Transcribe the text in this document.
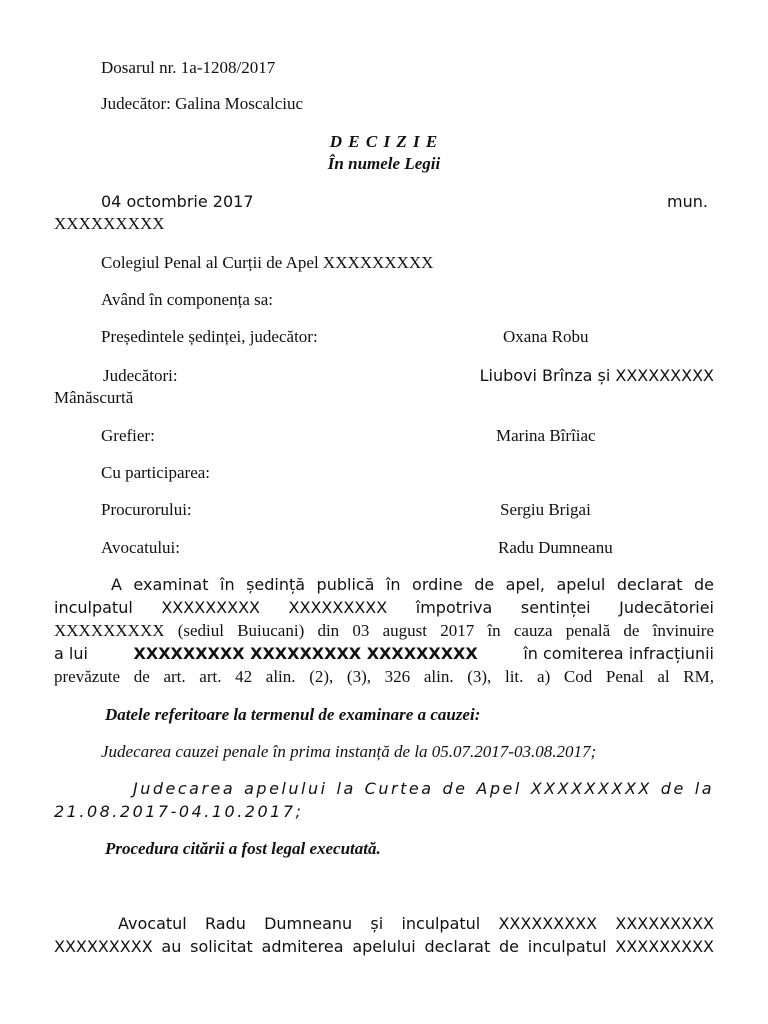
Dosarul nr. 1a-1208/2017
Judecător: Galina Moscalciuc
D E C I Z I E
În numele Legii
04 octombrie 2017	mun.
XXXXXXXXX
Colegiul Penal al Curții de Apel XXXXXXXXX
Având în componența sa:
Președintele ședinței, judecător:	Oxana Robu
Judecători:	Liubovi Brînza și XXXXXXXXX
Mânăscurtă
Grefier:	Marina Bîrîiac
Cu participarea:
Procurorului:	Sergiu Brigai
Avocatului:	Radu Dumneanu
A examinat în ședință publică în ordine de apel, apelul declarat de
inculpatul XXXXXXXXX XXXXXXXXX împotriva sentinței Judecătoriei
XXXXXXXXX (sediul Buiucani) din 03 august 2017 în cauza penală de învinuire
a lui	XXXXXXXXX XXXXXXXXX XXXXXXXXX	în comiterea infracțiunii
prevăzute de art. art. 42 alin. (2), (3), 326 alin. (3), lit. a) Cod Penal al RM,
Datele referitoare la termenul de examinare a cauzei:
Judecarea cauzei penale în prima instanță de la 05.07.2017-03.08.2017;
Judecarea apelului la Curtea de Apel XXXXXXXXX de la
21.08.2017-04.10.2017;
Procedura citării a fost legal executată.
Avocatul Radu Dumneanu și inculpatul XXXXXXXXX XXXXXXXXX
XXXXXXXXX au solicitat admiterea apelului declarat de inculpatul XXXXXXXXX
